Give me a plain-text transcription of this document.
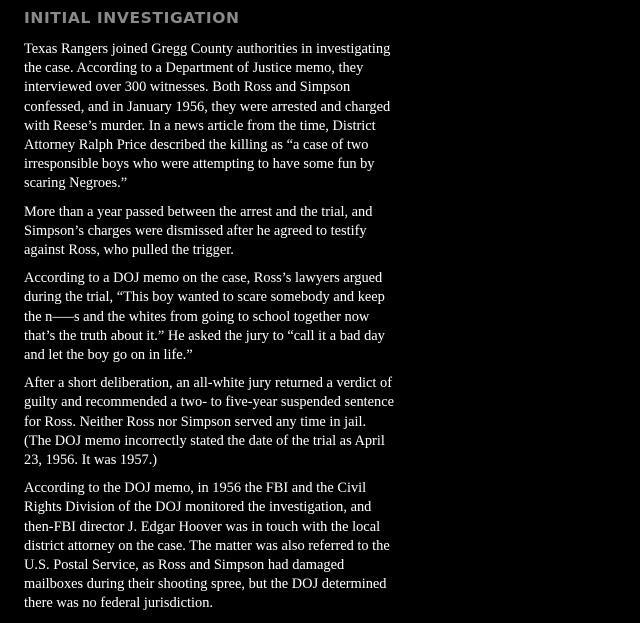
INITIAL INVESTIGATION

Texas Rangers joined Gregg County authorities in investigating the case. According to a Department of Justice memo, they interviewed over 300 witnesses. Both Ross and Simpson confessed, and in January 1956, they were arrested and charged with Reese’s murder. In a news article from the time, District Attorney Ralph Price described the killing as “a case of two irresponsible boys who were attempting to have some fun by scaring Negroes.”

More than a year passed between the arrest and the trial, and Simpson’s charges were dismissed after he agreed to testify against Ross, who pulled the trigger.

According to a DOJ memo on the case, Ross’s lawyers argued during the trial, “This boy wanted to scare somebody and keep the n—–s and the whites from going to school together now that’s the truth about it.” He asked the jury to “call it a bad day and let the boy go on in life.”

After a short deliberation, an all-white jury returned a verdict of guilty and recommended a two- to five-year suspended sentence for Ross. Neither Ross nor Simpson served any time in jail. (The DOJ memo incorrectly stated the date of the trial as April 23, 1956. It was 1957.)

According to the DOJ memo, in 1956 the FBI and the Civil Rights Division of the DOJ monitored the investigation, and then-FBI director J. Edgar Hoover was in touch with the local district attorney on the case. The matter was also referred to the U.S. Postal Service, as Ross and Simpson had damaged mailboxes during their shooting spree, but the DOJ determined there was no federal jurisdiction.
